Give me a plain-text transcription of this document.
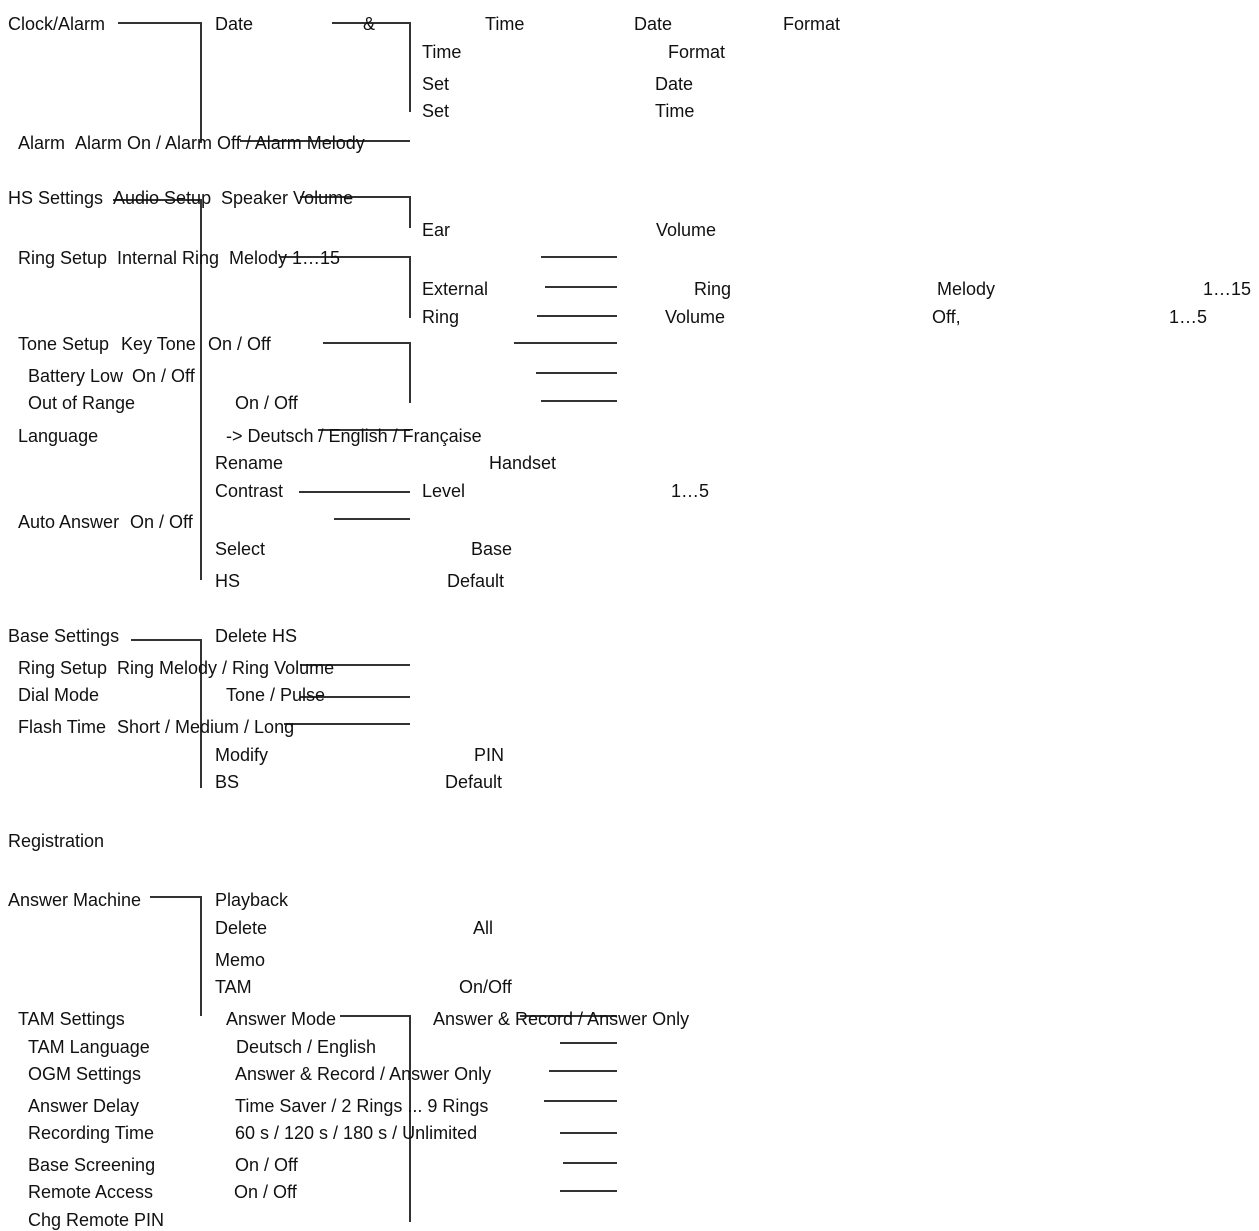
Clock/Alarm	Date	&	Time	Date	Format
Time	Format
Set	Date
Set	Time
Alarm Alarm On / Alarm Off / Alarm Melody
HS Settings Audio Setup Speaker Volume
Ear	Volume
Ring Setup Internal Ring Melody 1…15
External	Ring	Melody	1…15
Ring	Volume	Off,	1…5
Tone Setup Key Tone On / Off
Battery Low On / Off
Out of Range	On / Off
Language	-> Deutsch / English / Française
Rename	Handset
Contrast	Level	1…5
Auto Answer On / Off
Select	Base
HS	Default
Base Settings	Delete HS
Ring Setup Ring Melody / Ring Volume
Dial Mode	Tone / Pulse
Flash Time Short / Medium / Long
Modify	PIN
BS	Default
Registration
Answer Machine	Playback
Delete	All
Memo
TAM	On/Off
TAM Settings	Answer Mode	Answer & Record / Answer Only
TAM Language	Deutsch / English
OGM Settings	Answer & Record / Answer Only
Answer Delay	Time Saver / 2 Rings ... 9 Rings
Recording Time	60 s / 120 s / 180 s / Unlimited
Base Screening	On / Off
Remote Access	On / Off
Chg Remote PIN
